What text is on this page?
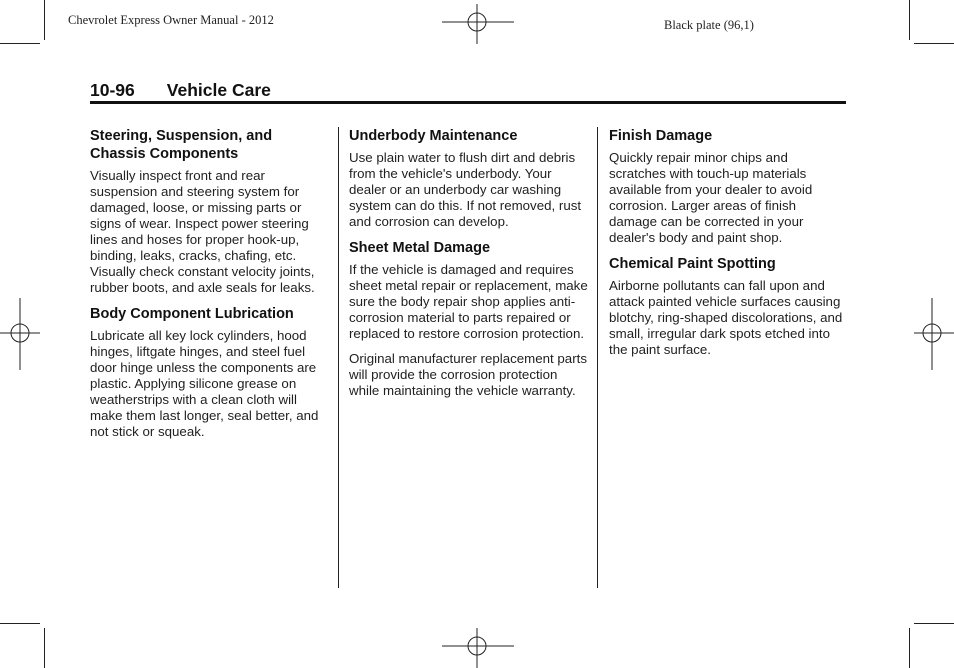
Chevrolet Express Owner Manual - 2012	Black plate (96,1)
10-96 Vehicle Care
Steering, Suspension, and Chassis Components

Visually inspect front and rear suspension and steering system for damaged, loose, or missing parts or signs of wear. Inspect power steering lines and hoses for proper hook-up, binding, leaks, cracks, chafing, etc. Visually check constant velocity joints, rubber boots, and axle seals for leaks.

Body Component Lubrication

Lubricate all key lock cylinders, hood hinges, liftgate hinges, and steel fuel door hinge unless the components are plastic. Applying silicone grease on weatherstrips with a clean cloth will make them last longer, seal better, and not stick or squeak.

Underbody Maintenance

Use plain water to flush dirt and debris from the vehicle's underbody. Your dealer or an underbody car washing system can do this. If not removed, rust and corrosion can develop.

Sheet Metal Damage

If the vehicle is damaged and requires sheet metal repair or replacement, make sure the body repair shop applies anti-corrosion material to parts repaired or replaced to restore corrosion protection.

Original manufacturer replacement parts will provide the corrosion protection while maintaining the vehicle warranty.

Finish Damage

Quickly repair minor chips and scratches with touch-up materials available from your dealer to avoid corrosion. Larger areas of finish damage can be corrected in your dealer's body and paint shop.

Chemical Paint Spotting

Airborne pollutants can fall upon and attack painted vehicle surfaces causing blotchy, ring-shaped discolorations, and small, irregular dark spots etched into the paint surface.
